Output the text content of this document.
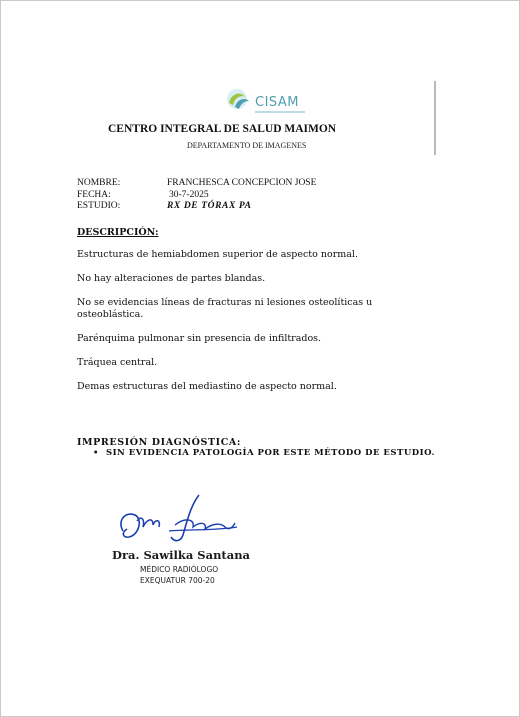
CISAM
CENTRO INTEGRAL DE SALUD MAIMON
DEPARTAMENTO DE IMAGENES
NOMBRE:	FRANCHESCA CONCEPCION JOSE
FECHA:	30-7-2025
ESTUDIO:	RX DE TÓRAX PA
DESCRIPCIÓN:

Estructuras de hemiabdomen superior de aspecto normal.

No hay alteraciones de partes blandas.

No se evidencias líneas de fracturas ni lesiones osteolíticas u osteoblástica.

Parénquima pulmonar sin presencia de infiltrados.

Tráquea central.

Demas estructuras del mediastino de aspecto normal.

IMPRESIÓN DIAGNÓSTICA:
• SIN EVIDENCIA PATOLOGÍA POR ESTE MÉTODO DE ESTUDIO.
Dra. Sawilka Santana
MÉDICO RADIÓLOGO
EXEQUATUR 700-20
